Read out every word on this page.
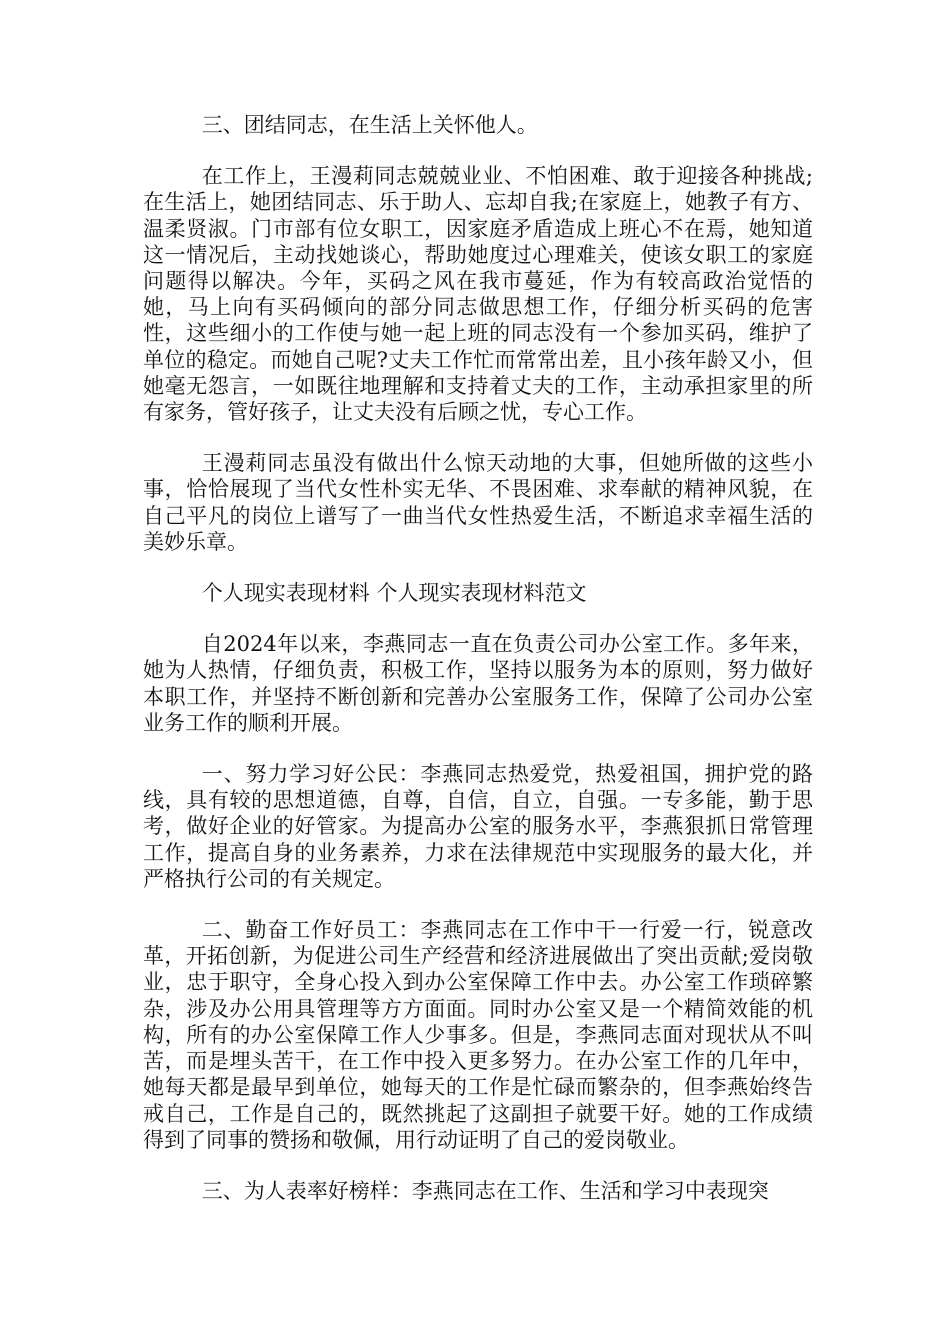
三、团结同志，在生活上关怀他人。

在工作上，王漫莉同志兢兢业业、不怕困难、敢于迎接各种挑战;在生活上，她团结同志、乐于助人、忘却自我;在家庭上，她教子有方、温柔贤淑。门市部有位女职工，因家庭矛盾造成上班心不在焉，她知道这一情况后，主动找她谈心，帮助她度过心理难关，使该女职工的家庭问题得以解决。今年，买码之风在我市蔓延，作为有较高政治觉悟的她，马上向有买码倾向的部分同志做思想工作，仔细分析买码的危害性，这些细小的工作使与她一起上班的同志没有一个参加买码，维护了单位的稳定。而她自己呢?丈夫工作忙而常常出差，且小孩年龄又小，但她毫无怨言，一如既往地理解和支持着丈夫的工作，主动承担家里的所有家务，管好孩子，让丈夫没有后顾之忧，专心工作。

王漫莉同志虽没有做出什么惊天动地的大事，但她所做的这些小事，恰恰展现了当代女性朴实无华、不畏困难、求奉献的精神风貌，在自己平凡的岗位上谱写了一曲当代女性热爱生活，不断追求幸福生活的美妙乐章。

个人现实表现材料 个人现实表现材料范文

自2024年以来，李燕同志一直在负责公司办公室工作。多年来，她为人热情，仔细负责，积极工作，坚持以服务为本的原则，努力做好本职工作，并坚持不断创新和完善办公室服务工作，保障了公司办公室业务工作的顺利开展。

一、努力学习好公民：李燕同志热爱党，热爱祖国，拥护党的路线，具有较的思想道德，自尊，自信，自立，自强。一专多能，勤于思考，做好企业的好管家。为提高办公室的服务水平，李燕狠抓日常管理工作，提高自身的业务素养，力求在法律规范中实现服务的最大化，并严格执行公司的有关规定。

二、勤奋工作好员工：李燕同志在工作中干一行爱一行，锐意改革，开拓创新，为促进公司生产经营和经济进展做出了突出贡献;爱岗敬业，忠于职守，全身心投入到办公室保障工作中去。办公室工作琐碎繁杂，涉及办公用具管理等方方面面。同时办公室又是一个精简效能的机构，所有的办公室保障工作人少事多。但是，李燕同志面对现状从不叫苦，而是埋头苦干，在工作中投入更多努力。在办公室工作的几年中，她每天都是最早到单位，她每天的工作是忙碌而繁杂的，但李燕始终告戒自己，工作是自己的，既然挑起了这副担子就要干好。她的工作成绩得到了同事的赞扬和敬佩，用行动证明了自己的爱岗敬业。

三、为人表率好榜样：李燕同志在工作、生活和学习中表现突
